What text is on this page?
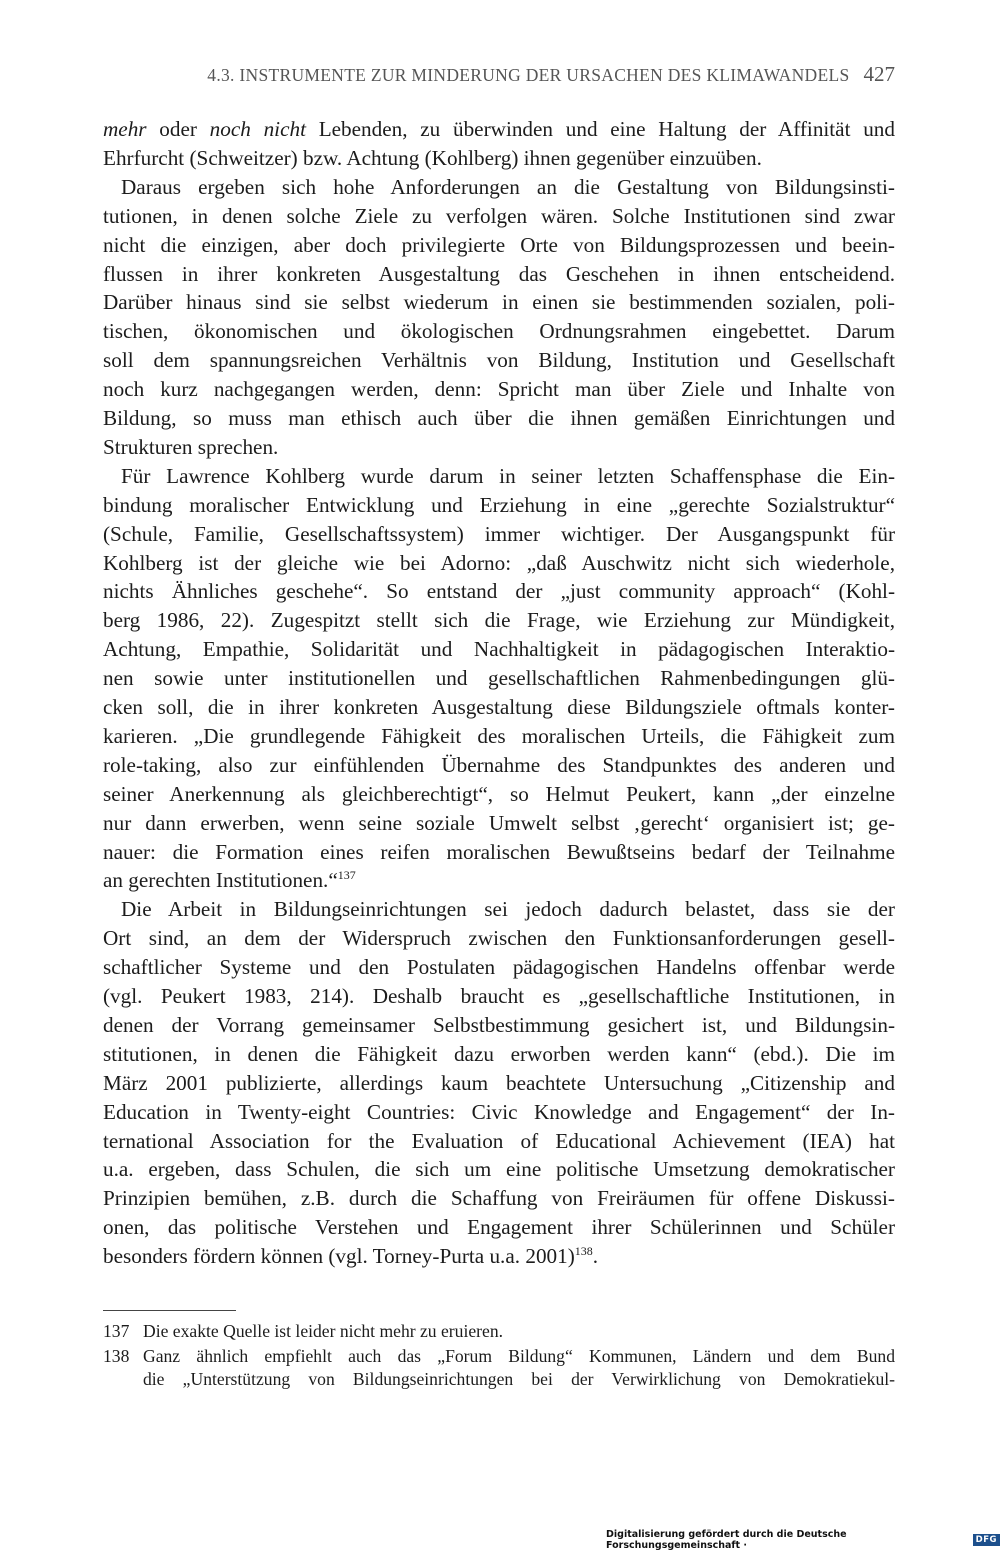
4.3. INSTRUMENTE ZUR MINDERUNG DER URSACHEN DES KLIMAWANDELS 427
mehr oder noch nicht Lebenden, zu überwinden und eine Haltung der Affinität und
Ehrfurcht (Schweitzer) bzw. Achtung (Kohlberg) ihnen gegenüber einzuüben.
Daraus ergeben sich hohe Anforderungen an die Gestaltung von Bildungsinsti-
tutionen, in denen solche Ziele zu verfolgen wären. Solche Institutionen sind zwar
nicht die einzigen, aber doch privilegierte Orte von Bildungsprozessen und beein-
flussen in ihrer konkreten Ausgestaltung das Geschehen in ihnen entscheidend.
Darüber hinaus sind sie selbst wiederum in einen sie bestimmenden sozialen, poli-
tischen, ökonomischen und ökologischen Ordnungsrahmen eingebettet. Darum
soll dem spannungsreichen Verhältnis von Bildung, Institution und Gesellschaft
noch kurz nachgegangen werden, denn: Spricht man über Ziele und Inhalte von
Bildung, so muss man ethisch auch über die ihnen gemäßen Einrichtungen und
Strukturen sprechen.
Für Lawrence Kohlberg wurde darum in seiner letzten Schaffensphase die Ein-
bindung moralischer Entwicklung und Erziehung in eine „gerechte Sozialstruktur“
(Schule, Familie, Gesellschaftssystem) immer wichtiger. Der Ausgangspunkt für
Kohlberg ist der gleiche wie bei Adorno: „daß Auschwitz nicht sich wiederhole,
nichts Ähnliches geschehe“. So entstand der „just community approach“ (Kohl-
berg 1986, 22). Zugespitzt stellt sich die Frage, wie Erziehung zur Mündigkeit,
Achtung, Empathie, Solidarität und Nachhaltigkeit in pädagogischen Interaktio-
nen sowie unter institutionellen und gesellschaftlichen Rahmenbedingungen glü-
cken soll, die in ihrer konkreten Ausgestaltung diese Bildungsziele oftmals konter-
karieren. „Die grundlegende Fähigkeit des moralischen Urteils, die Fähigkeit zum
role-taking, also zur einfühlenden Übernahme des Standpunktes des anderen und
seiner Anerkennung als gleichberechtigt“, so Helmut Peukert, kann „der einzelne
nur dann erwerben, wenn seine soziale Umwelt selbst ‚gerecht‘ organisiert ist; ge-
nauer: die Formation eines reifen moralischen Bewußtseins bedarf der Teilnahme
an gerechten Institutionen.“$^{137}$
Die Arbeit in Bildungseinrichtungen sei jedoch dadurch belastet, dass sie der
Ort sind, an dem der Widerspruch zwischen den Funktionsanforderungen gesell-
schaftlicher Systeme und den Postulaten pädagogischen Handelns offenbar werde
(vgl. Peukert 1983, 214). Deshalb braucht es „gesellschaftliche Institutionen, in
denen der Vorrang gemeinsamer Selbstbestimmung gesichert ist, und Bildungsin-
stitutionen, in denen die Fähigkeit dazu erworben werden kann“ (ebd.). Die im
März 2001 publizierte, allerdings kaum beachtete Untersuchung „Citizenship and
Education in Twenty-eight Countries: Civic Knowledge and Engagement“ der In-
ternational Association for the Evaluation of Educational Achievement (IEA) hat
u.a. ergeben, dass Schulen, die sich um eine politische Umsetzung demokratischer
Prinzipien bemühen, z.B. durch die Schaffung von Freiräumen für offene Diskussi-
onen, das politische Verstehen und Engagement ihrer Schülerinnen und Schüler
besonders fördern können (vgl. Torney-Purta u.a. 2001)$^{138}$.
137 Die exakte Quelle ist leider nicht mehr zu eruieren.
138 Ganz ähnlich empfiehlt auch das „Forum Bildung“ Kommunen, Ländern und dem Bund
die „Unterstützung von Bildungseinrichtungen bei der Verwirklichung von Demokratiekul-
Digitalisierung gefördert durch die Deutsche Forschungsgemeinschaft ·	DFG
